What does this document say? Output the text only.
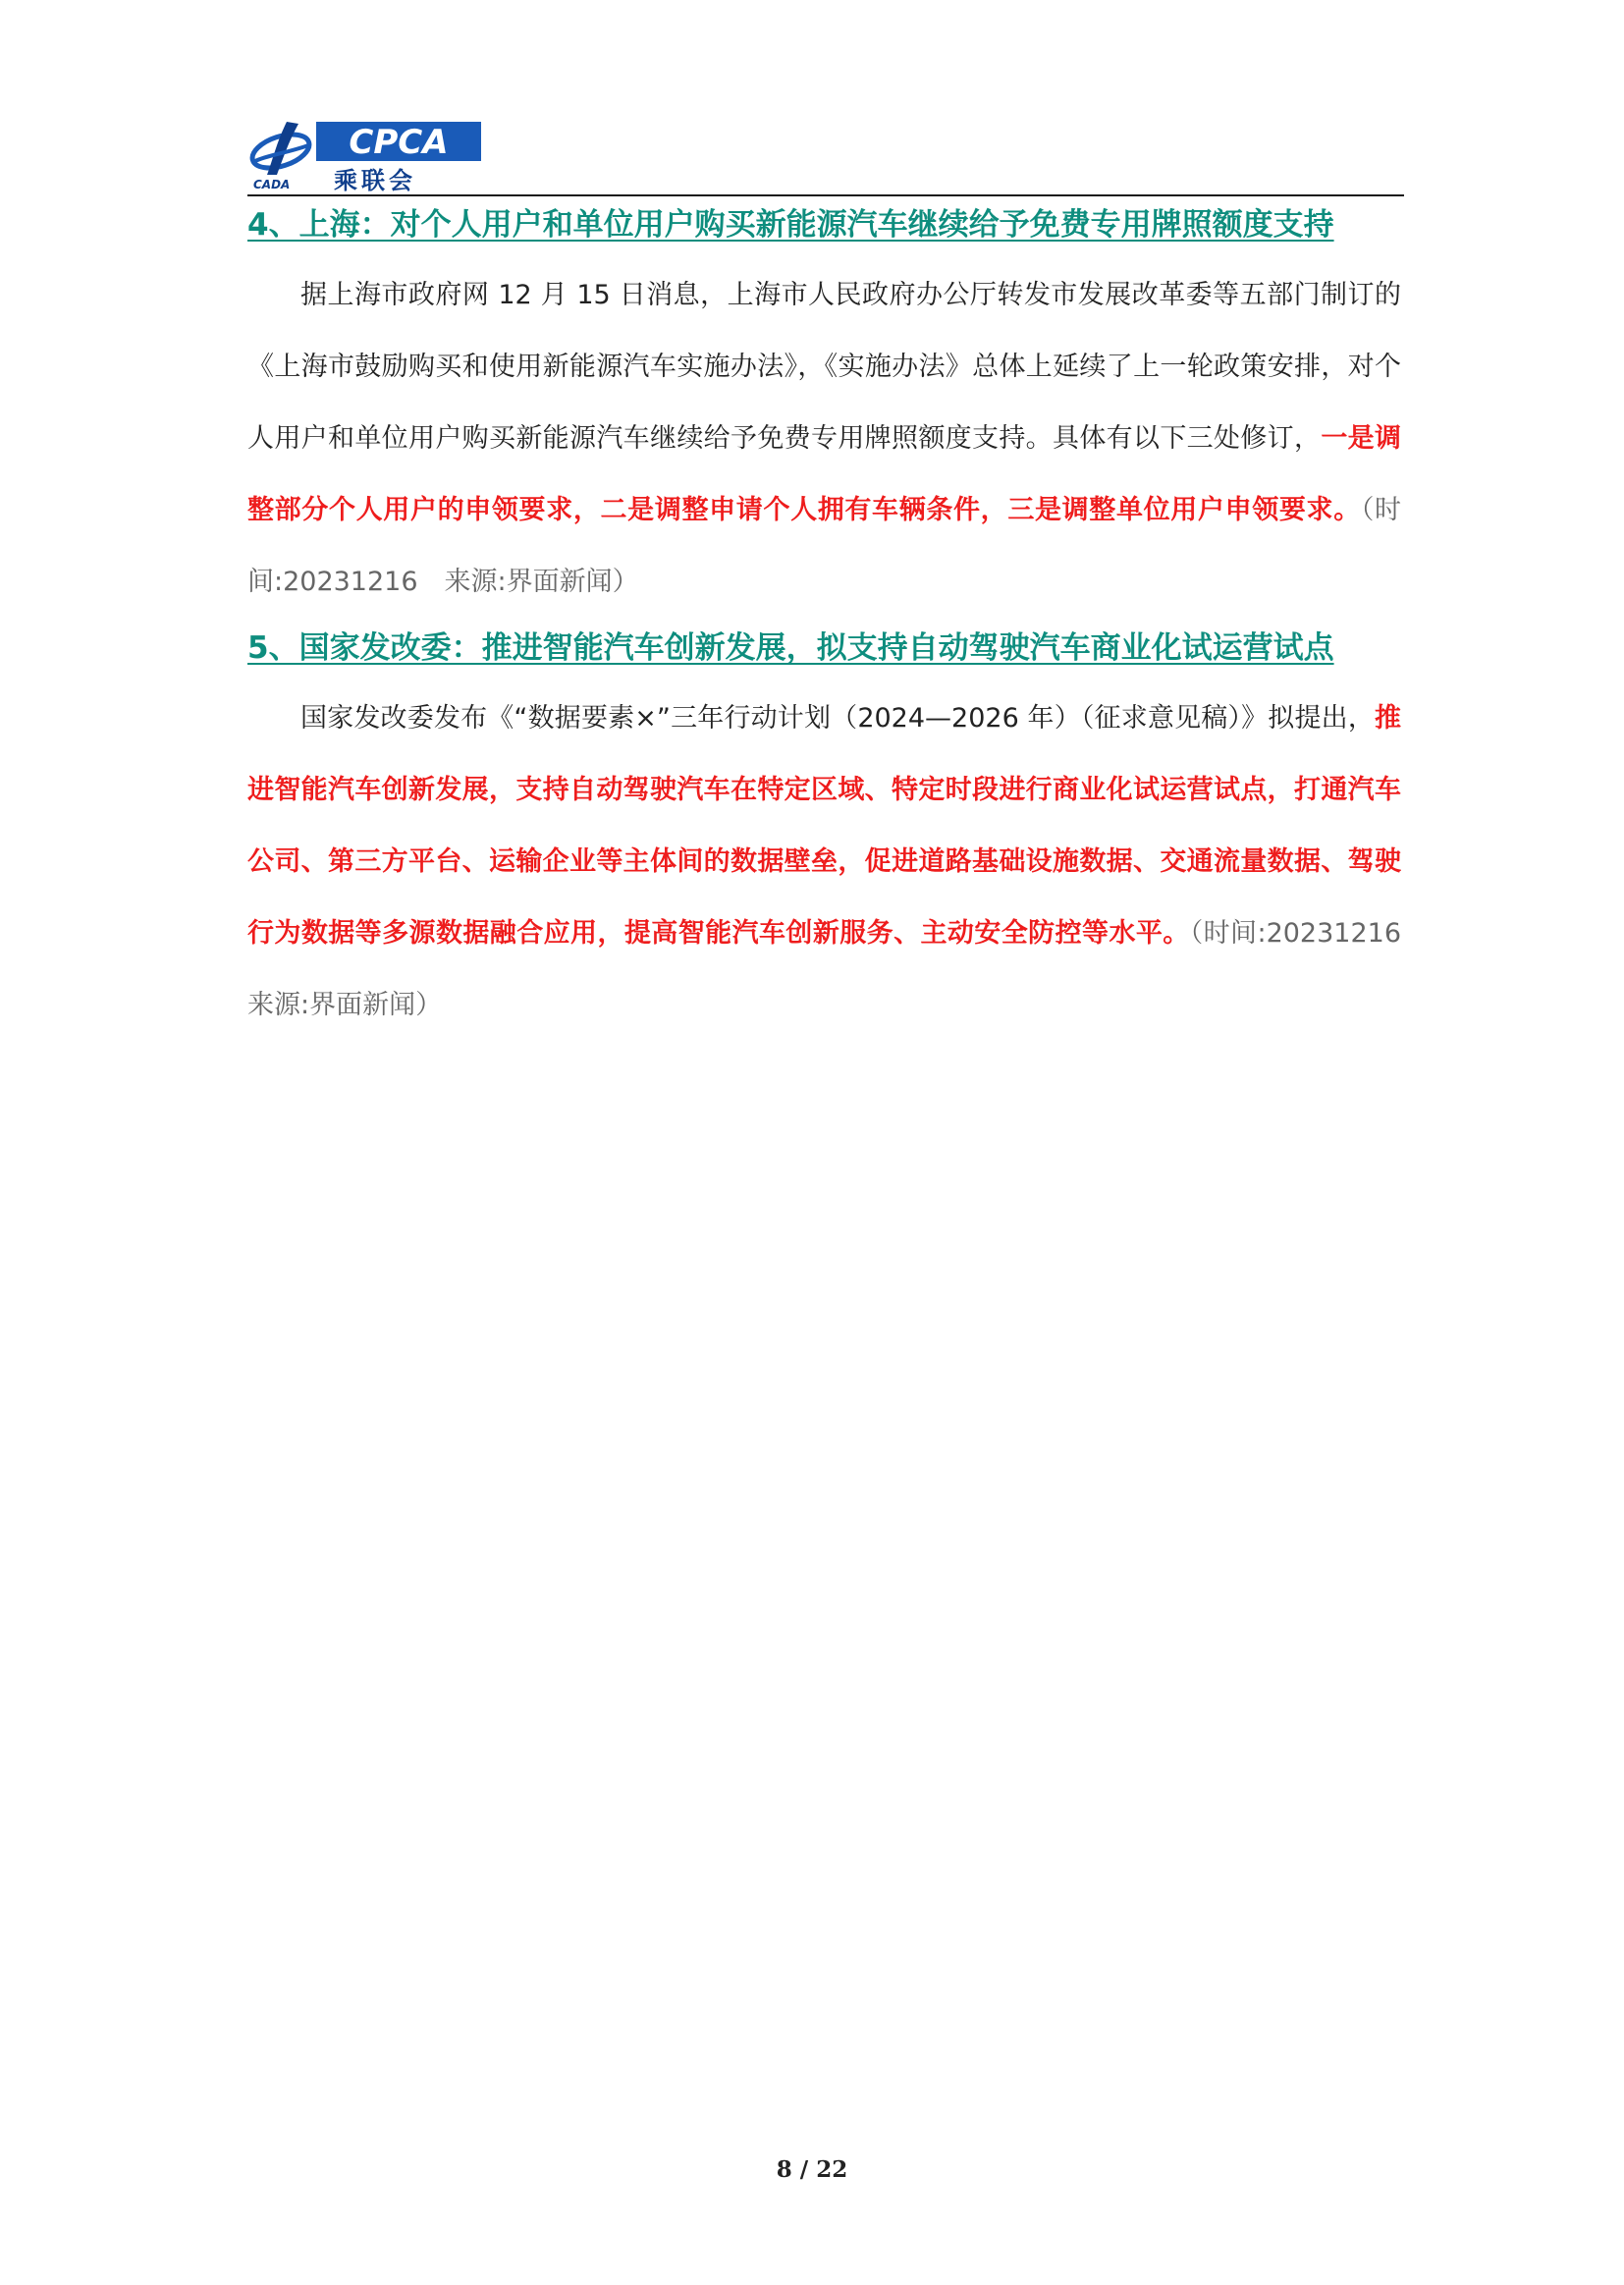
CPCA
CADA 乘联会
4、上海：对个人用户和单位用户购买新能源汽车继续给予免费专用牌照额度支持

据上海市政府网 12 月 15 日消息，上海市人民政府办公厅转发市发展改革委等五部门制订的《上海市鼓励购买和使用新能源汽车实施办法》，《实施办法》总体上延续了上一轮政策安排，对个人用户和单位用户购买新能源汽车继续给予免费专用牌照额度支持。具体有以下三处修订，一是调整部分个人用户的申领要求，二是调整申请个人拥有车辆条件，三是调整单位用户申领要求。（时间:20231216　来源:界面新闻）

5、国家发改委：推进智能汽车创新发展，拟支持自动驾驶汽车商业化试运营试点

国家发改委发布《“数据要素×”三年行动计划（2024—2026 年）（征求意见稿）》拟提出，推进智能汽车创新发展，支持自动驾驶汽车在特定区域、特定时段进行商业化试运营试点，打通汽车公司、第三方平台、运输企业等主体间的数据壁垒，促进道路基础设施数据、交通流量数据、驾驶行为数据等多源数据融合应用，提高智能汽车创新服务、主动安全防控等水平。（时间:20231216　来源:界面新闻）

8 / 22
